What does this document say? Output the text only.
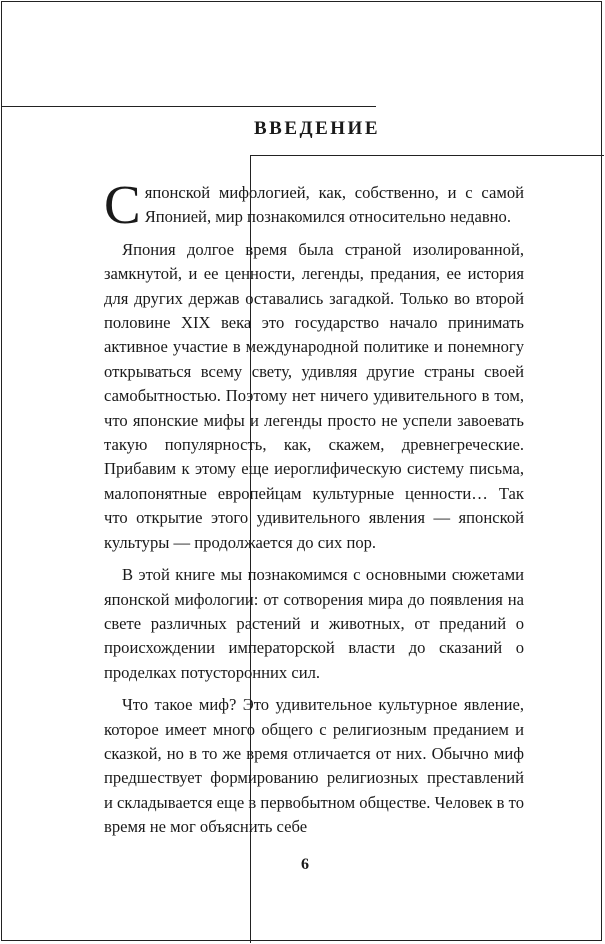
ВВЕДЕНИЕ

Сяпонской мифологией, как, собственно, и с самой Японией, мир познакомился относительно недавно.

Япония долгое время была страной изолированной, замкнутой, и ее ценности, легенды, предания, ее история для других держав оставались загадкой. Только во второй половине XIX века это государство начало принимать активное участие в международной политике и понемногу открываться всему свету, удивляя другие страны своей самобытностью. Поэтому нет ничего удивительного в том, что японские мифы и легенды просто не успели завоевать такую популярность, как, скажем, древнегреческие. Прибавим к этому еще иероглифическую систему письма, малопонятные европейцам культурные ценности… Так что открытие этого удивительного явления — японской культуры — продолжается до сих пор.

В этой книге мы познакомимся с основными сюжетами японской мифологии: от сотворения мира до появления на свете различных растений и животных, от преданий о происхождении императорской власти до сказаний о проделках потусторонних сил.

Что такое миф? Это удивительное культурное явление, которое имеет много общего с религиозным преданием и сказкой, но в то же время отличается от них. Обычно миф предшествует формированию религиозных преставлений и складывается еще в первобытном обществе. Человек в то время не мог объяснить себе

6
